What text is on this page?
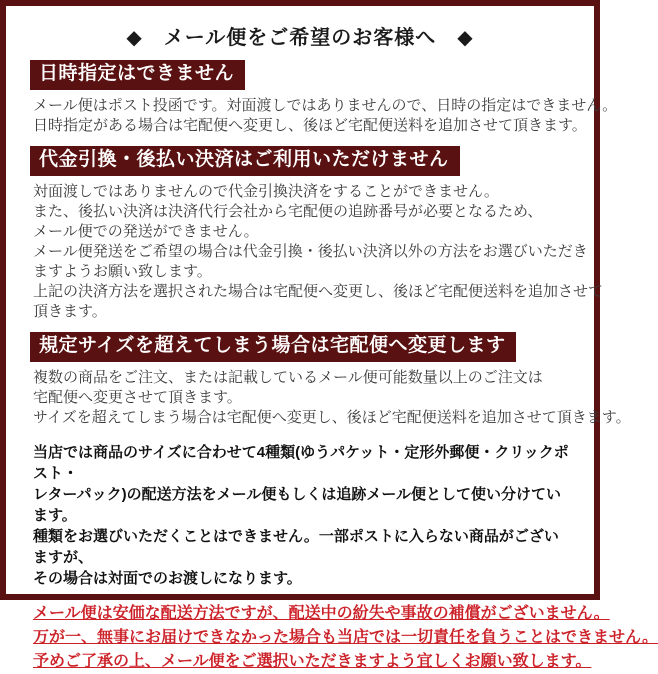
◆　メール便をご希望のお客様へ　◆
日時指定はできません
メール便はポスト投函です。対面渡しではありませんので、日時の指定はできません。
日時指定がある場合は宅配便へ変更し、後ほど宅配便送料を追加させて頂きます。
代金引換・後払い決済はご利用いただけません
対面渡しではありませんので代金引換決済をすることができません。
また、後払い決済は決済代行会社から宅配便の追跡番号が必要となるため、
メール便での発送ができません。
メール便発送をご希望の場合は代金引換・後払い決済以外の方法をお選びいただき
ますようお願い致します。
上記の決済方法を選択された場合は宅配便へ変更し、後ほど宅配便送料を追加させて
頂きます。
規定サイズを超えてしまう場合は宅配便へ変更します
複数の商品をご注文、または記載しているメール便可能数量以上のご注文は
宅配便へ変更させて頂きます。
サイズを超えてしまう場合は宅配便へ変更し、後ほど宅配便送料を追加させて頂きます。
当店では商品のサイズに合わせて4種類(ゆうパケット・定形外郵便・クリックポスト・
レターパック)の配送方法をメール便もしくは追跡メール便として使い分けています。
種類をお選びいただくことはできません。一部ポストに入らない商品がございますが、
その場合は対面でのお渡しになります。
メール便は安価な配送方法ですが、配送中の紛失や事故の補償がございません。
万が一、無事にお届けできなかった場合も当店では一切責任を負うことはできません。
予めご了承の上、メール便をご選択いただきますよう宜しくお願い致します。
